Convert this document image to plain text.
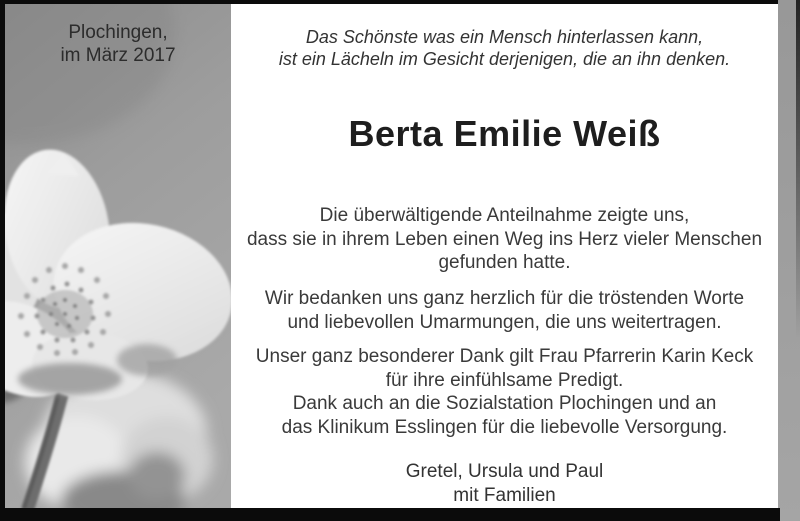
Plochingen,
im März 2017
Das Schönste was ein Mensch hinterlassen kann,
ist ein Lächeln im Gesicht derjenigen, die an ihn denken.
Berta Emilie Weiß
Die überwältigende Anteilnahme zeigte uns,
dass sie in ihrem Leben einen Weg ins Herz vieler Menschen
gefunden hatte.
Wir bedanken uns ganz herzlich für die tröstenden Worte
und liebevollen Umarmungen, die uns weitertragen.
Unser ganz besonderer Dank gilt Frau Pfarrerin Karin Keck
für ihre einfühlsame Predigt.
Dank auch an die Sozialstation Plochingen und an
das Klinikum Esslingen für die liebevolle Versorgung.
Gretel, Ursula und Paul
mit Familien
